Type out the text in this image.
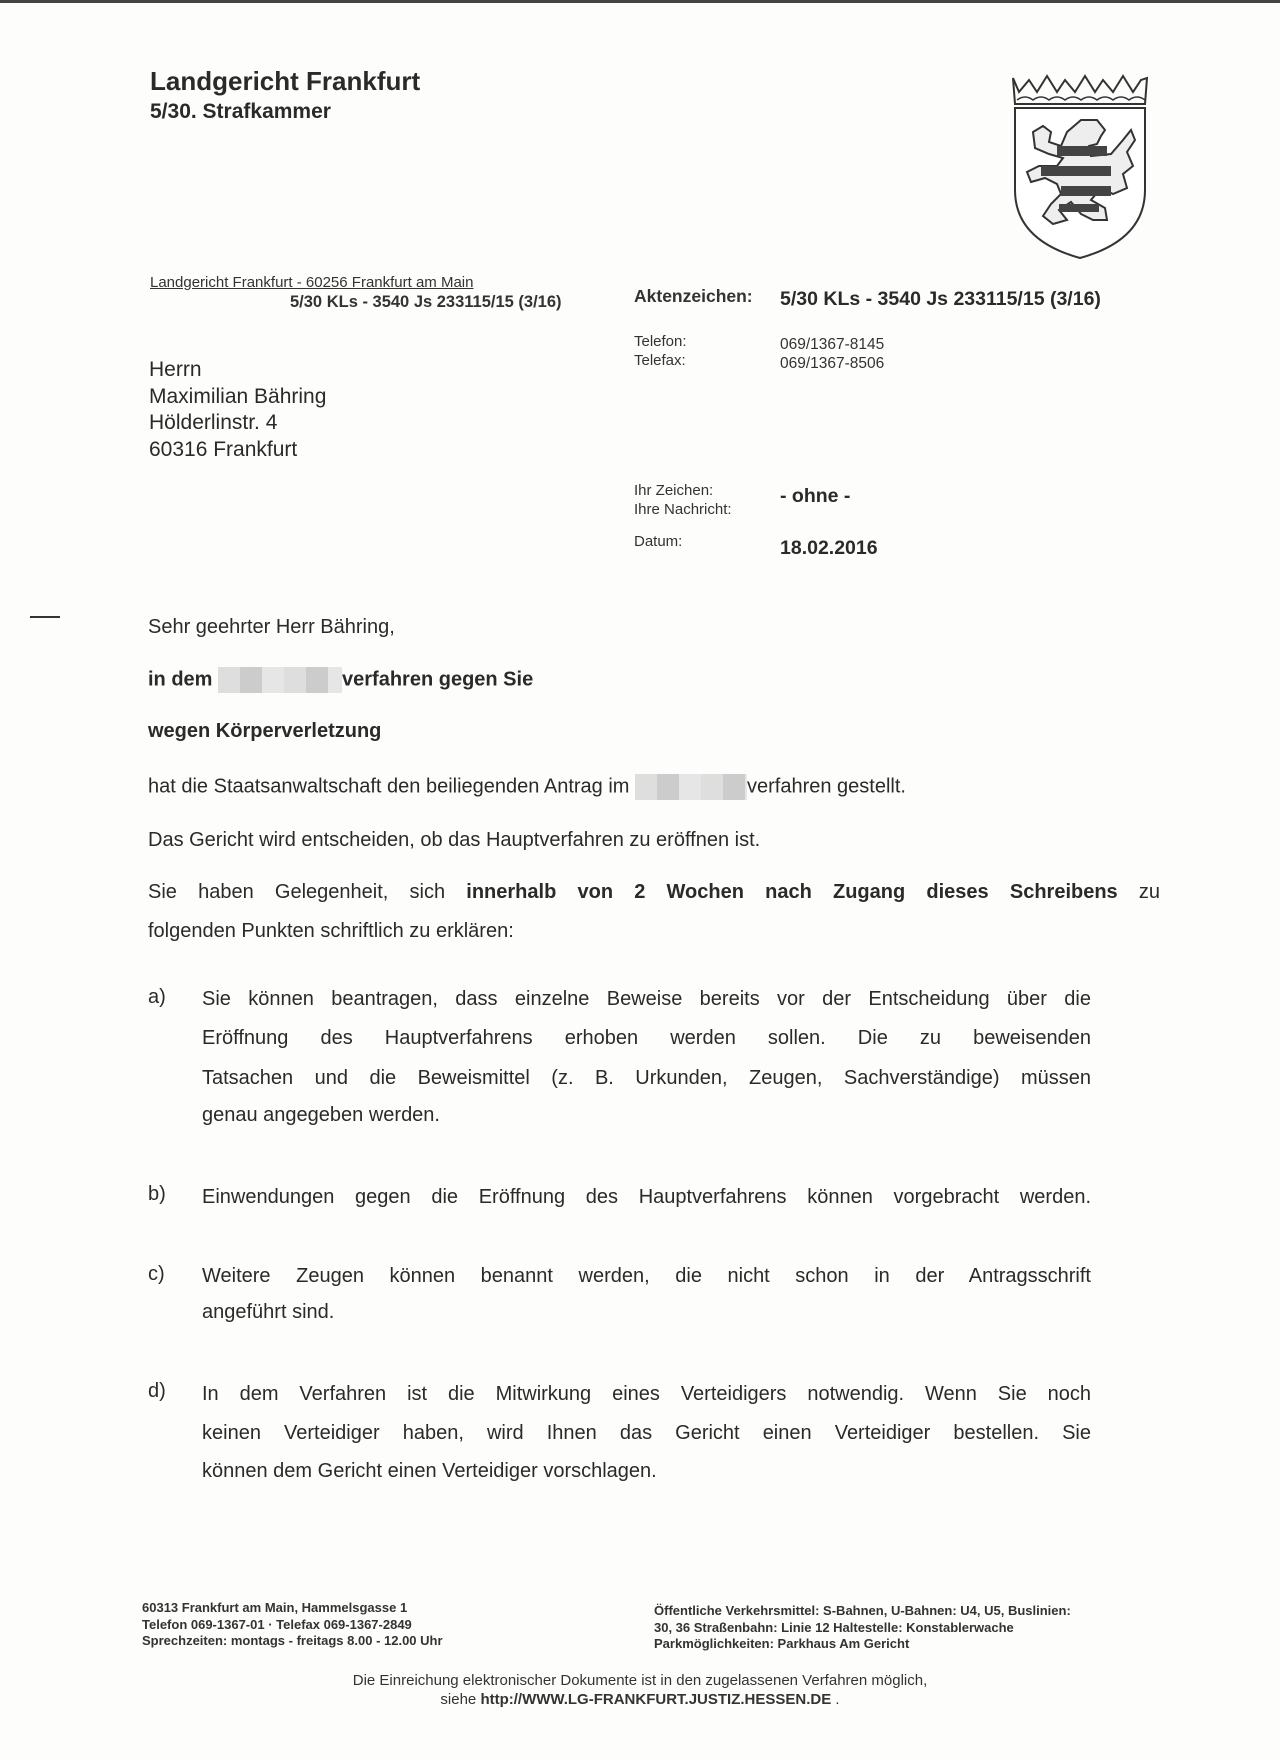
Landgericht Frankfurt
5/30. Strafkammer
Landgericht Frankfurt - 60256 Frankfurt am Main
5/30 KLs - 3540 Js 233115/15 (3/16)	Aktenzeichen: 5/30 KLs - 3540 Js 233115/15 (3/16)
Telefon:	069/1367-8145
Telefax:	069/1367-8506
Herrn
Maximilian Bähring
Hölderlinstr. 4
60316 Frankfurt
Ihr Zeichen:
Ihre Nachricht:
- ohne -
Datum:	18.02.2016
Sehr geehrter Herr Bähring,
in dem	verfahren gegen Sie
wegen Körperverletzung
hat die Staatsanwaltschaft den beiliegenden Antrag im	verfahren gestellt.
Das Gericht wird entscheiden, ob das Hauptverfahren zu eröffnen ist.
Sie haben Gelegenheit, sich innerhalb von 2 Wochen nach Zugang dieses Schreibens zu
folgenden Punkten schriftlich zu erklären:
a) Sie können beantragen, dass einzelne Beweise bereits vor der Entscheidung über die
Eröffnung des Hauptverfahrens erhoben werden sollen. Die zu beweisenden
Tatsachen und die Beweismittel (z. B. Urkunden, Zeugen, Sachverständige) müssen
genau angegeben werden.
b) Einwendungen gegen die Eröffnung des Hauptverfahrens können vorgebracht werden.
c) Weitere Zeugen können benannt werden, die nicht schon in der Antragsschrift
angeführt sind.
d) In dem Verfahren ist die Mitwirkung eines Verteidigers notwendig. Wenn Sie noch
keinen Verteidiger haben, wird Ihnen das Gericht einen Verteidiger bestellen. Sie
können dem Gericht einen Verteidiger vorschlagen.
60313 Frankfurt am Main, Hammelsgasse 1
Telefon 069-1367-01 · Telefax 069-1367-2849
Sprechzeiten: montags - freitags 8.00 - 12.00 Uhr
Öffentliche Verkehrsmittel: S-Bahnen, U-Bahnen: U4, U5, Buslinien:
30, 36 Straßenbahn: Linie 12 Haltestelle: Konstablerwache
Parkmöglichkeiten: Parkhaus Am Gericht
Die Einreichung elektronischer Dokumente ist in den zugelassenen Verfahren möglich,
siehe http://WWW.LG-FRANKFURT.JUSTIZ.HESSEN.DE .
